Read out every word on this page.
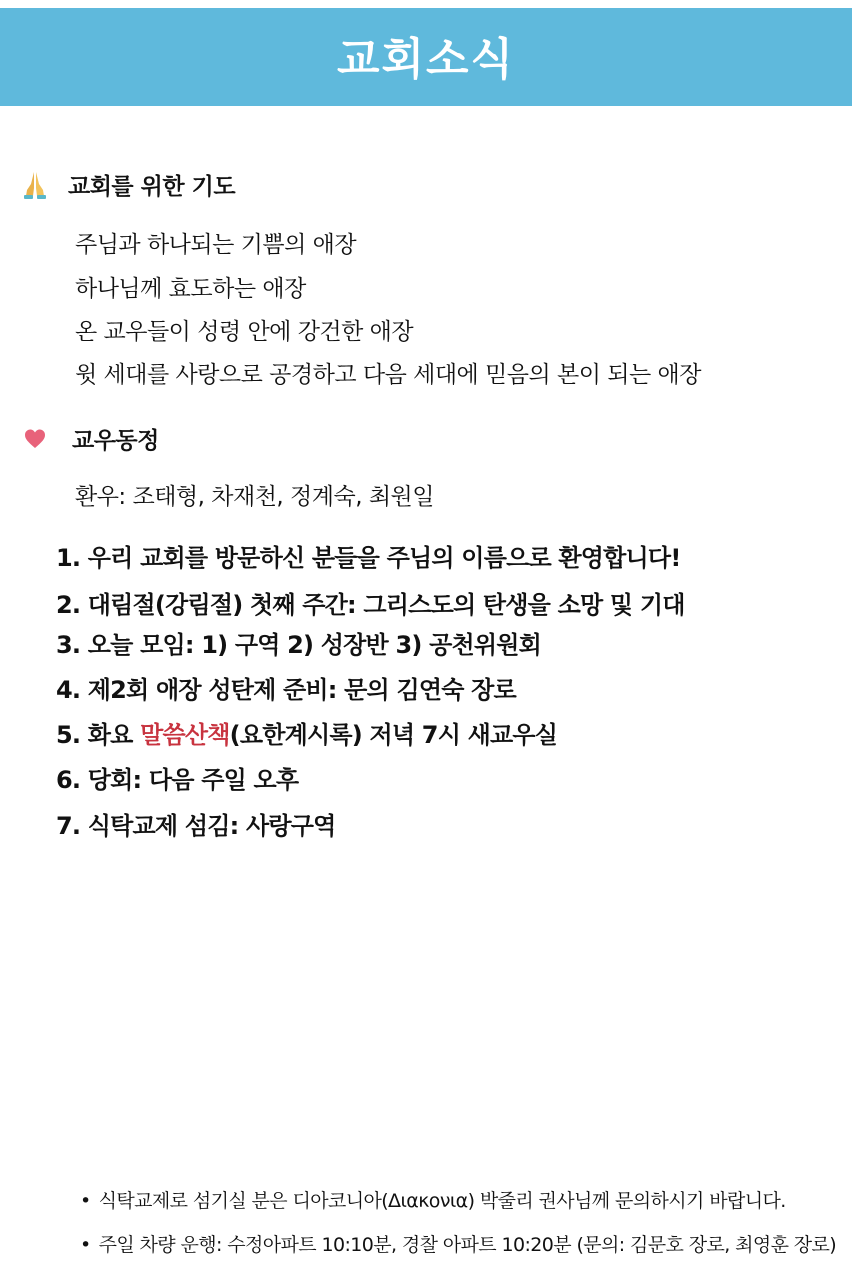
교회소식
교회를 위한 기도
주님과 하나되는 기쁨의 애장
하나님께 효도하는 애장
온 교우들이 성령 안에 강건한 애장
윗 세대를 사랑으로 공경하고 다음 세대에 믿음의 본이 되는 애장
교우동정
환우: 조태형, 차재천, 정계숙, 최원일
1. 우리 교회를 방문하신 분들을 주님의 이름으로 환영합니다!
2. 대림절(강림절) 첫째 주간: 그리스도의 탄생을 소망 및 기대
3. 오늘 모임: 1) 구역 2) 성장반 3) 공천위원회
4. 제2회 애장 성탄제 준비: 문의 김연숙 장로
5. 화요 말씀산책(요한계시록) 저녁 7시 새교우실
6. 당회: 다음 주일 오후
7. 식탁교제 섬김: 사랑구역
• 식탁교제로 섬기실 분은 디아코니아(Διακονια) 박줄리 권사님께 문의하시기 바랍니다.
• 주일 차량 운행: 수정아파트 10:10분, 경찰 아파트 10:20분 (문의: 김문호 장로, 최영훈 장로)
